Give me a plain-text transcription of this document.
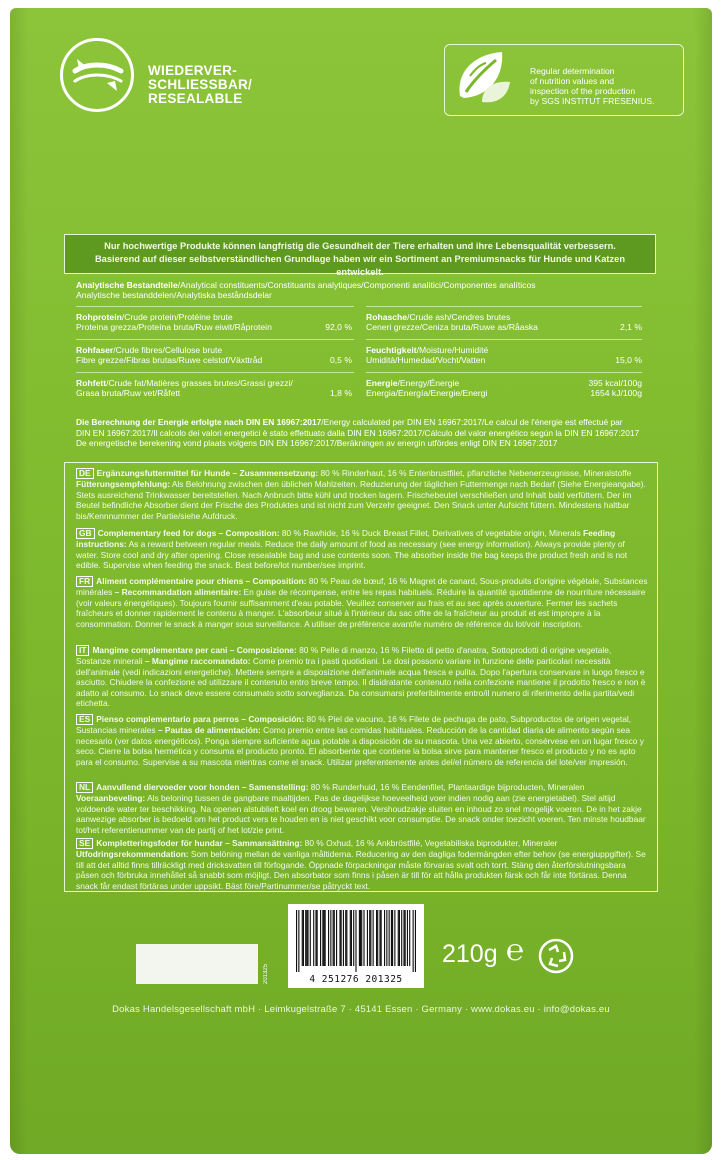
WIEDERVER-
SCHLIESSBAR/
RESEALABLE
Regular determination
of nutrition values and
inspection of the production
by SGS INSTITUT FRESENIUS.

Nur hochwertige Produkte können langfristig die Gesundheit der Tiere erhalten und ihre Lebensqualität verbessern.

Basierend auf dieser selbstverständlichen Grundlage haben wir ein Sortiment an Premiumsnacks für Hunde und Katzen entwickelt.

Analytische Bestandteile/Analytical constituents/Constituants analytiques/Componenti analitici/Componentes analíticos
Analytische bestanddelen/Analytiska beståndsdelar
Rohprotein/Crude protein/Protéine brute
Proteina grezza/Proteína bruta/Ruw eiwit/Råprotein	92,0 %
Rohasche/Crude ash/Cendres brutes
Ceneri grezze/Ceniza bruta/Ruwe as/Råaska	2,1 %
Rohfaser/Crude fibres/Cellulose brute
Fibre grezze/Fibras brutas/Ruwe celstof/Växttråd	0,5 %
Feuchtigkeit/Moisture/Humidité
Umidità/Humedad/Vocht/Vatten	15,0 %
Rohfett/Crude fat/Matières grasses brutes/Grassi grezzi/
Grasa bruta/Ruw vet/Råfett	1,8 %
Energie/Energy/Énergie
Energia/Energía/Energie/Energi
395 kcal/100g
1654 kJ/100g
Die Berechnung der Energie erfolgte nach DIN EN 16967:2017/Energy calculated per DIN EN 16967:2017/Le calcul de l'énergie est effectué par
DIN EN 16967:2017/Il calcolo dei valori energetici è stato effettuato dalla DIN EN 16967:2017/Cálculo del valor energético según la DIN EN 16967:2017
De energetische berekening vond plaats volgens DIN EN 16967:2017/Beräkningen av energin utfördes enligt DIN EN 16967:2017
DE Ergänzungsfuttermittel für Hunde – Zusammensetzung: 80 % Rinderhaut, 16 % Entenbrustfilet, pflanzliche Nebenerzeugnisse, Mineralstoffe Fütterungsempfehlung: Als Belohnung zwischen den üblichen Mahlzeiten. Reduzierung der täglichen Futtermenge nach Bedarf (Siehe Energieangabe). Stets ausreichend Trinkwasser bereitstellen. Nach Anbruch bitte kühl und trocken lagern. Frischebeutel verschließen und Inhalt bald verfüttern. Der im Beutel befindliche Absorber dient der Frische des Produktes und ist nicht zum Verzehr geeignet. Den Snack unter Aufsicht füttern. Mindestens haltbar bis/Kennnummer der Partie/siehe Aufdruck.
GB Complementary feed for dogs – Composition: 80 % Rawhide, 16 % Duck Breast Fillet, Derivatives of vegetable origin, Minerals Feeding instructions: As a reward between regular meals. Reduce the daily amount of food as necessary (see energy information). Always provide plenty of water. Store cool and dry after opening. Close resealable bag and use contents soon. The absorber inside the bag keeps the product fresh and is not edible. Supervise when feeding the snack. Best before/lot number/see imprint.
FR Aliment complémentaire pour chiens – Composition: 80 % Peau de bœuf, 16 % Magret de canard, Sous-produits d'origine végétale, Substances minérales – Recommandation alimentaire: En guise de récompense, entre les repas habituels. Réduire la quantité quotidienne de nourriture nécessaire (voir valeurs énergétiques). Toujours fournir suffisamment d'eau potable. Veuillez conserver au frais et au sec après ouverture. Fermer les sachets fraîcheurs et donner rapidement le contenu à manger. L'absorbeur situé à l'intérieur du sac offre de la fraîcheur au produit et est impropre à la consommation. Donner le snack à manger sous surveillance. A utiliser de préférence avant/le numéro de référence du lot/voir inscription.
IT Mangime complementare per cani – Composizione: 80 % Pelle di manzo, 16 % Filetto di petto d'anatra, Sottoprodotti di origine vegetale, Sostanze minerali – Mangime raccomandato: Come premio tra i pasti quotidiani. Le dosi possono variare in funzione delle particolari necessità dell'animale (vedi indicazioni energetiche). Mettere sempre a disposizione dell'animale acqua fresca e pulita. Dopo l'apertura conservare in luogo fresco e asciutto. Chiudere la confezione ed utilizzare il contenuto entro breve tempo. Il disidratante contenuto nella confezione mantiene il prodotto fresco e non è adatto al consumo. Lo snack deve essere consumato sotto sorveglianza. Da consumarsi preferibilmente entro/il numero di riferimento della partita/vedi etichetta.
ES Pienso complementario para perros – Composición: 80 % Piel de vacuno, 16 % Filete de pechuga de pato, Subproductos de origen vegetal, Sustancias minerales – Pautas de alimentación: Como premio entre las comidas habituales. Reducción de la cantidad diaria de alimento según sea necesario (ver datos energéticos). Ponga siempre suficiente agua potable a disposición de su mascota. Una vez abierto, consérvese en un lugar fresco y seco. Cierre la bolsa hermética y consuma el producto pronto. El absorbente que contiene la bolsa sirve para mantener fresco el producto y no es apto para el consumo. Supervise a su mascota mientras come el snack. Utilizar preferentemente antes del/el número de referencia del lote/ver impresión.
NL Aanvullend diervoeder voor honden – Samenstelling: 80 % Runderhuid, 16 % Eendenfilet, Plantaardige bijproducten, Mineralen Voeraanbeveling: Als beloning tussen de gangbare maaltijden. Pas de dagelijkse hoeveelheid voer indien nodig aan (zie energietabel). Stel altijd voldoende water ter beschikking. Na openen alstublieft koel en droog bewaren. Vershoudzakje sluiten en inhoud zo snel mogelijk voeren. De in het zakje aanwezige absorber is bedoeld om het product vers te houden en is niet geschikt voor consumptie. De snack onder toezicht voeren. Ten minste houdbaar tot/het referentienummer van de partij of het lot/zie print.
SE Kompletteringsfoder för hundar – Sammansättning: 80 % Oxhud, 16 % Ankbröstfilé, Vegetabiliska biprodukter, Mineraler Utfodringsrekommendation: Som belöning mellan de vanliga måltiderna. Reducering av den dagliga fodermängden efter behov (se energiuppgifter). Se till att det alltid finns tillräckligt med dricksvatten till förfogande. Öppnade förpackningar måste förvaras svalt och torrt. Stäng den återförslutningsbara påsen och förbruka innehållet så snabbt som möjligt. Den absorbator som finns i påsen är till för att hålla produkten färsk och får inte förtäras. Denna snack får endast förtäras under uppsikt. Bäst före/Partinummer/se påtryckt text.
201325	4 251276 201325
210g ℮
Dokas Handelsgesellschaft mbH · Leimkugelstraße 7 · 45141 Essen · Germany · www.dokas.eu · info@dokas.eu
